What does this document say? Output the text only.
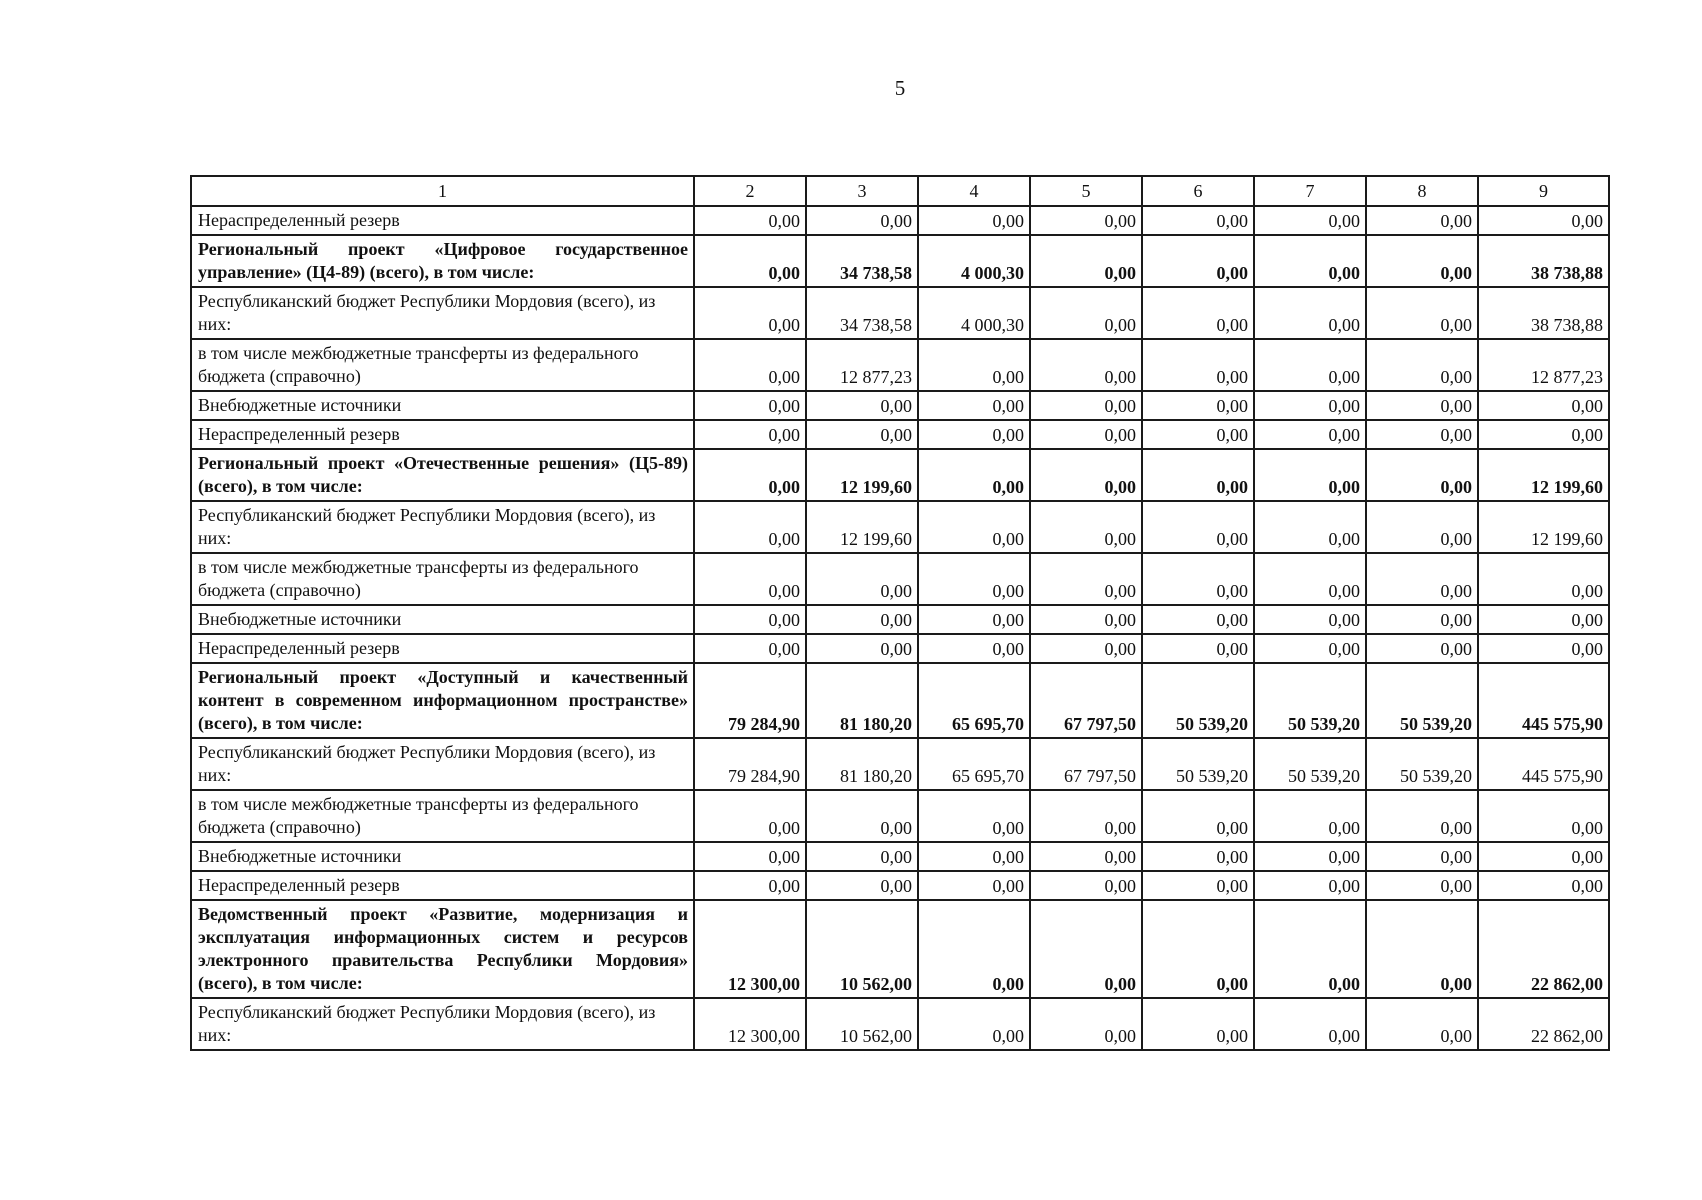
5
1	2	3	4	5	6	7	8	9
Нераспределенный резерв	0,00	0,00	0,00	0,00	0,00	0,00	0,00	0,00
Региональный проект «Цифровое государственное управление» (Ц4-89) (всего), в том числе:	0,00	34 738,58	4 000,30	0,00	0,00	0,00	0,00	38 738,88
Республиканский бюджет Республики Мордовия (всего), из них:	0,00	34 738,58	4 000,30	0,00	0,00	0,00	0,00	38 738,88
в том числе межбюджетные трансферты из федерального бюджета (справочно)	0,00	12 877,23	0,00	0,00	0,00	0,00	0,00	12 877,23
Внебюджетные источники	0,00	0,00	0,00	0,00	0,00	0,00	0,00	0,00
Нераспределенный резерв	0,00	0,00	0,00	0,00	0,00	0,00	0,00	0,00
Региональный проект «Отечественные решения» (Ц5-89) (всего), в том числе:	0,00	12 199,60	0,00	0,00	0,00	0,00	0,00	12 199,60
Республиканский бюджет Республики Мордовия (всего), из них:	0,00	12 199,60	0,00	0,00	0,00	0,00	0,00	12 199,60
в том числе межбюджетные трансферты из федерального бюджета (справочно)	0,00	0,00	0,00	0,00	0,00	0,00	0,00	0,00
Внебюджетные источники	0,00	0,00	0,00	0,00	0,00	0,00	0,00	0,00
Нераспределенный резерв	0,00	0,00	0,00	0,00	0,00	0,00	0,00	0,00
Региональный проект «Доступный и качественный контент в современном информационном пространстве» (всего), в том числе:	79 284,90	81 180,20	65 695,70	67 797,50	50 539,20	50 539,20	50 539,20	445 575,90
Республиканский бюджет Республики Мордовия (всего), из них:	79 284,90	81 180,20	65 695,70	67 797,50	50 539,20	50 539,20	50 539,20	445 575,90
в том числе межбюджетные трансферты из федерального бюджета (справочно)	0,00	0,00	0,00	0,00	0,00	0,00	0,00	0,00
Внебюджетные источники	0,00	0,00	0,00	0,00	0,00	0,00	0,00	0,00
Нераспределенный резерв	0,00	0,00	0,00	0,00	0,00	0,00	0,00	0,00
Ведомственный проект «Развитие, модернизация и эксплуатация информационных систем и ресурсов электронного правительства Республики Мордовия» (всего), в том числе:	12 300,00	10 562,00	0,00	0,00	0,00	0,00	0,00	22 862,00
Республиканский бюджет Республики Мордовия (всего), из них:	12 300,00	10 562,00	0,00	0,00	0,00	0,00	0,00	22 862,00
